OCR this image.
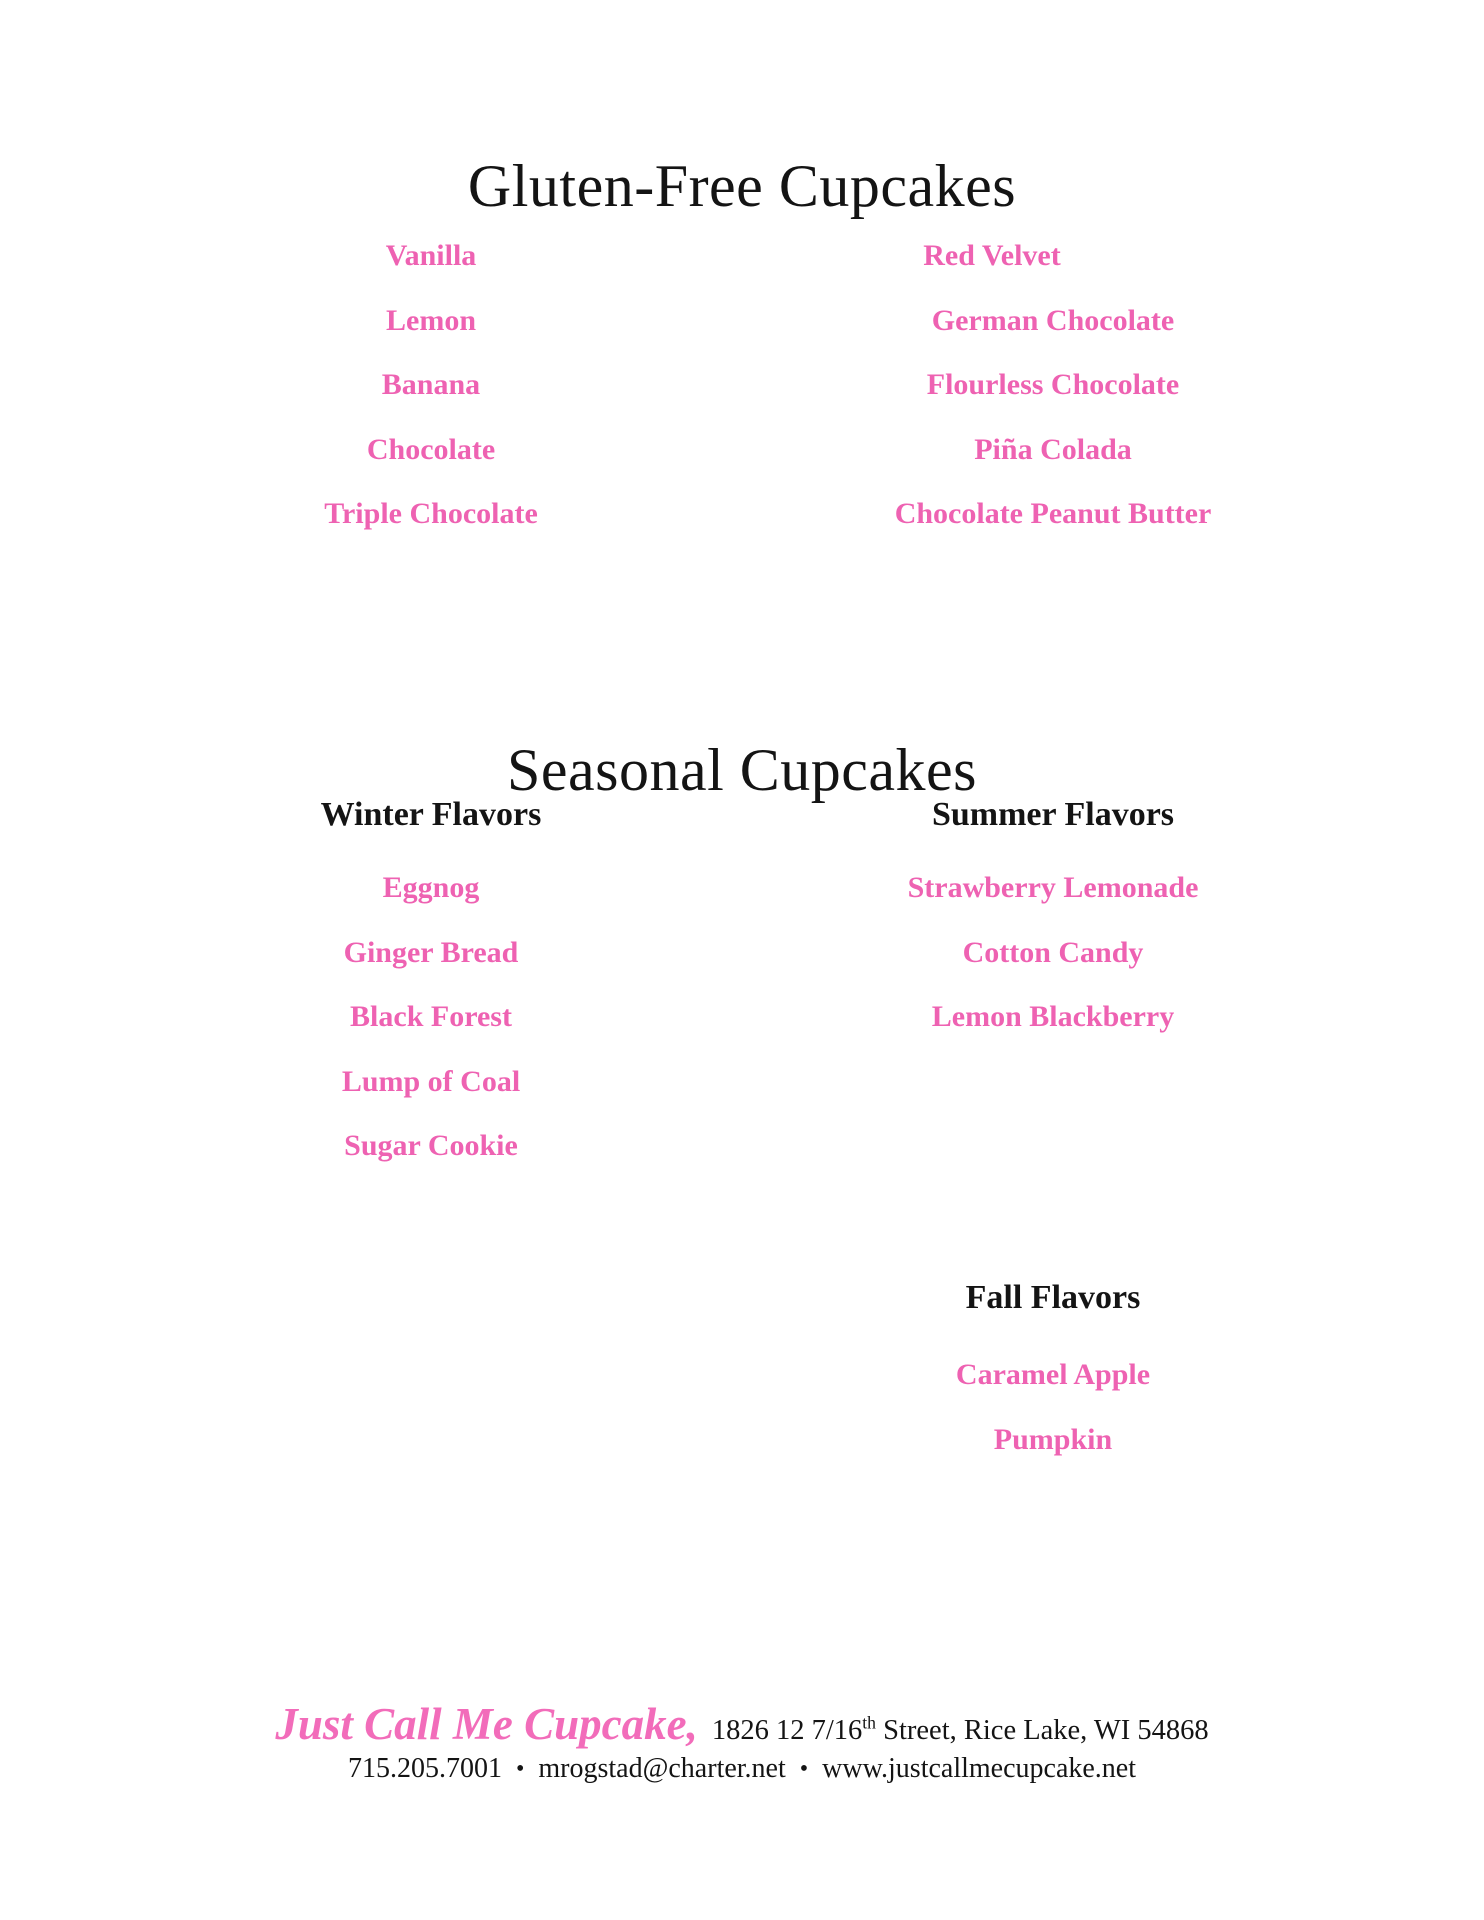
Gluten-Free Cupcakes
Vanilla
Lemon
Banana
Chocolate
Triple Chocolate
Red Velvet
German Chocolate
Flourless Chocolate
Piña Colada
Chocolate Peanut Butter
Seasonal Cupcakes
Winter Flavors
Eggnog
Ginger Bread
Black Forest
Lump of Coal
Sugar Cookie
Summer Flavors
Strawberry Lemonade
Cotton Candy
Lemon Blackberry
Fall Flavors
Caramel Apple
Pumpkin
Just Call Me Cupcake, 1826 12 7/16th Street, Rice Lake, WI 54868
715.205.7001 • mrogstad@charter.net • www.justcallmecupcake.net
